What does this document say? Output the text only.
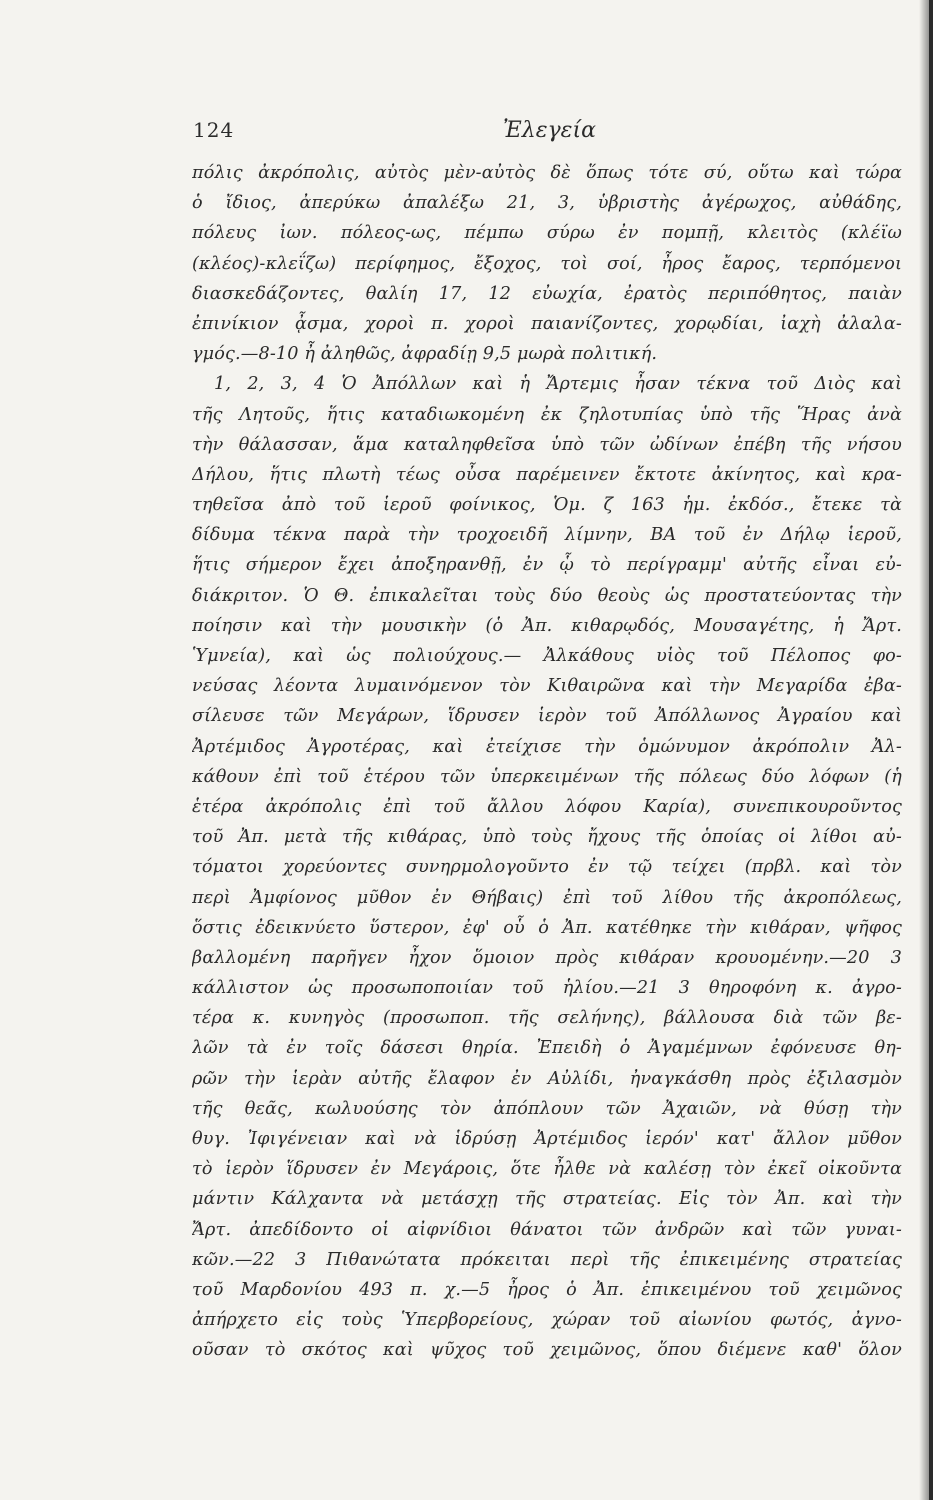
124	Ἐλεγεία
πόλις ἀκρόπολις, αὐτὸς μὲν-αὐτὸς δὲ ὅπως τότε σύ, οὕτω καὶ τώρα
ὁ ἴδιος, ἀπερύκω ἀπαλέξω 21, 3, ὑβριστὴς ἀγέρωχος, αὐθάδης,
πόλευς ἰων. πόλεος-ως, πέμπω σύρω ἐν πομπῇ, κλειτὸς (κλέϊω
(κλέος)-κλεΐζω) περίφημος, ἔξοχος, τοὶ σοί, ἦρος ἔαρος, τερπόμενοι
διασκεδάζοντες, θαλίη 17, 12 εὐωχία, ἐρατὸς περιπόθητος, παιὰν
ἐπινίκιον ᾆσμα, χοροὶ π. χοροὶ παιανίζοντες, χορῳδίαι, ἰαχὴ ἀλαλα-
γμός.—8-10 ἦ ἀληθῶς, ἀφραδίῃ 9,5 μωρὰ πολιτική.
1, 2, 3, 4 Ὁ Ἀπόλλων καὶ ἡ Ἄρτεμις ἦσαν τέκνα τοῦ Διὸς καὶ
τῆς Λητοῦς, ἥτις καταδιωκομένη ἐκ ζηλοτυπίας ὑπὸ τῆς Ἥρας ἀνὰ
τὴν θάλασσαν, ἅμα καταληφθεῖσα ὑπὸ τῶν ὠδίνων ἐπέβη τῆς νήσου
Δήλου, ἥτις πλωτὴ τέως οὖσα παρέμεινεν ἔκτοτε ἀκίνητος, καὶ κρα-
τηθεῖσα ἀπὸ τοῦ ἱεροῦ φοίνικος, Ὁμ. ζ 163 ἡμ. ἐκδόσ., ἔτεκε τὰ
δίδυμα τέκνα παρὰ τὴν τροχοειδῆ λίμνην, ΒΑ τοῦ ἐν Δήλῳ ἱεροῦ,
ἥτις σήμερον ἔχει ἀποξηρανθῇ, ἐν ᾧ τὸ περίγραμμ' αὐτῆς εἶναι εὐ-
διάκριτον. Ὁ Θ. ἐπικαλεῖται τοὺς δύο θεοὺς ὡς προστατεύοντας τὴν
ποίησιν καὶ τὴν μουσικὴν (ὁ Ἀπ. κιθαρῳδός, Μουσαγέτης, ἡ Ἄρτ.
Ὑμνεία), καὶ ὡς πολιούχους.— Ἀλκάθους υἱὸς τοῦ Πέλοπος φο-
νεύσας λέοντα λυμαινόμενον τὸν Κιθαιρῶνα καὶ τὴν Μεγαρίδα ἐβα-
σίλευσε τῶν Μεγάρων, ἵδρυσεν ἱερὸν τοῦ Ἀπόλλωνος Ἀγραίου καὶ
Ἀρτέμιδος Ἀγροτέρας, καὶ ἐτείχισε τὴν ὁμώνυμον ἀκρόπολιν Ἀλ-
κάθουν ἐπὶ τοῦ ἑτέρου τῶν ὑπερκειμένων τῆς πόλεως δύο λόφων (ἡ
ἑτέρα ἀκρόπολις ἐπὶ τοῦ ἄλλου λόφου Καρία), συνεπικουροῦντος
τοῦ Ἀπ. μετὰ τῆς κιθάρας, ὑπὸ τοὺς ἤχους τῆς ὁποίας οἱ λίθοι αὐ-
τόματοι χορεύοντες συνηρμολογοῦντο ἐν τῷ τείχει (πρβλ. καὶ τὸν
περὶ Ἀμφίονος μῦθον ἐν Θήβαις) ἐπὶ τοῦ λίθου τῆς ἀκροπόλεως,
ὅστις ἐδεικνύετο ὕστερον, ἐφ' οὗ ὁ Ἀπ. κατέθηκε τὴν κιθάραν, ψῆφος
βαλλομένη παρῆγεν ἦχον ὅμοιον πρὸς κιθάραν κρουομένην.—20 3
κάλλιστον ὡς προσωποποιίαν τοῦ ἡλίου.—21 3 θηροφόνη κ. ἀγρο-
τέρα κ. κυνηγὸς (προσωποπ. τῆς σελήνης), βάλλουσα διὰ τῶν βε-
λῶν τὰ ἐν τοῖς δάσεσι θηρία. Ἐπειδὴ ὁ Ἀγαμέμνων ἐφόνευσε θη-
ρῶν τὴν ἱερὰν αὐτῆς ἔλαφον ἐν Αὐλίδι, ἠναγκάσθη πρὸς ἐξιλασμὸν
τῆς θεᾶς, κωλυούσης τὸν ἀπόπλουν τῶν Ἀχαιῶν, νὰ θύσῃ τὴν
θυγ. Ἰφιγένειαν καὶ νὰ ἱδρύσῃ Ἀρτέμιδος ἱερόν' κατ' ἄλλον μῦθον
τὸ ἱερὸν ἵδρυσεν ἐν Μεγάροις, ὅτε ἦλθε νὰ καλέσῃ τὸν ἐκεῖ οἰκοῦντα
μάντιν Κάλχαντα νὰ μετάσχῃ τῆς στρατείας. Εἰς τὸν Ἀπ. καὶ τὴν
Ἄρτ. ἀπεδίδοντο οἱ αἰφνίδιοι θάνατοι τῶν ἀνδρῶν καὶ τῶν γυναι-
κῶν.—22 3 Πιθανώτατα πρόκειται περὶ τῆς ἐπικειμένης στρατείας
τοῦ Μαρδονίου 493 π. χ.—5 ἦρος ὁ Ἀπ. ἐπικειμένου τοῦ χειμῶνος
ἀπήρχετο εἰς τοὺς Ὑπερβορείους, χώραν τοῦ αἰωνίου φωτός, ἀγνο-
οῦσαν τὸ σκότος καὶ ψῦχος τοῦ χειμῶνος, ὅπου διέμενε καθ' ὅλον
